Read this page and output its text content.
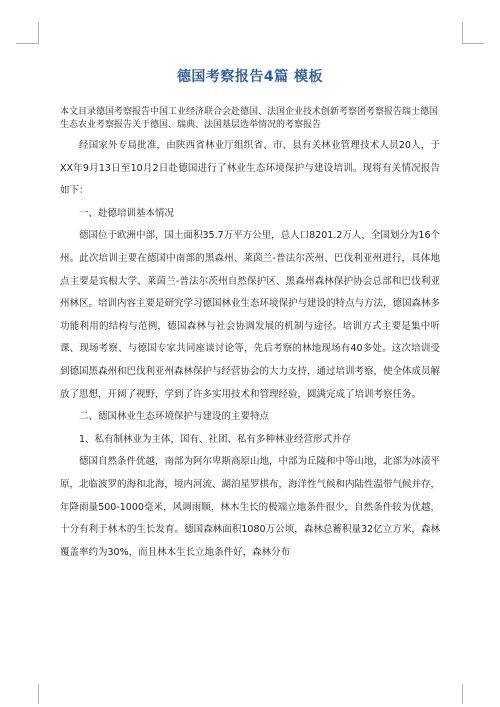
德国考察报告4篇 模板

本文目录德国考察报告中国工业经济联合会赴德国、法国企业技术创新考察团考察报告瑞士德国生态农业考察报告关于德国、瑞典、法国基层选举情况的考察报告

经国家外专局批准，由陕西省林业厅组织省、市、县有关林业管理技术人员20人，于XX年9月13日至10月2日赴德国进行了林业生态环境保护与建设培训。现将有关情况报告如下：

一、赴德培训基本情况

德国位于欧洲中部，国土面积35.7万平方公里，总人口8201.2万人，全国划分为16个州。此次培训主要在德国中南部的黑森州、莱茵兰-普法尔茨州、巴伐利亚州进行，具体地点主要是宾根大学、莱茵兰-普法尔茨州自然保护区、黑森州森林保护协会总部和巴伐利亚州林区。培训内容主要是研究学习德国林业生态环境保护与建设的特点与方法，德国森林多功能利用的结构与范例，德国森林与社会协调发展的机制与途径。培训方式主要是集中听课、现场考察、与德国专家共同座谈讨论等，先后考察的林地现场有40多处。这次培训受到德国黑森州和巴伐利亚州森林保护与经营协会的大力支持，通过培训考察，使全体成员解放了思想，开阔了视野，学到了许多实用技术和管理经验，圆满完成了培训考察任务。

二、德国林业生态环境保护与建设的主要特点

1、私有制林业为主体，国有、社团、私有多种林业经营形式并存

德国自然条件优越，南部为阿尔卑斯高原山地，中部为丘陵和中等山地，北部为冰渍平原，北临波罗的海和北海，境内河流、湖泊星罗棋布，海洋性气候和内陆性温带气候并存，年降雨量500-1000毫米，风调雨顺，林木生长的极端立地条件很少，自然条件较为优越，十分有利于林木的生长发育。德国森林面积1080万公顷，森林总蓄积量32亿立方米，森林覆盖率约为30%，而且林木生长立地条件好，森林分布
